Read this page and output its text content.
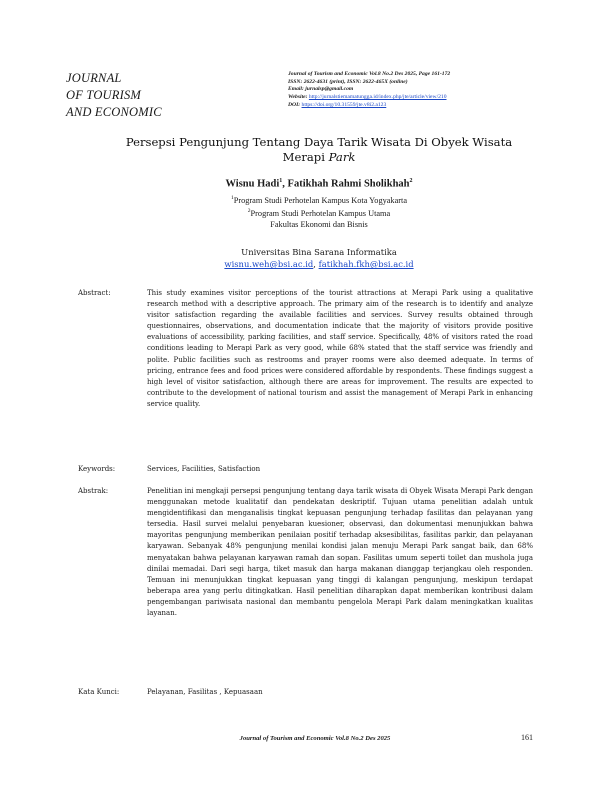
JOURNAL
OF TOURISM
AND ECONOMIC
Journal of Tourism and Economic Vol.8 No.2 Des 2025, Page 161-172
ISSN: 2622-4631 (print), ISSN: 2622-465X (online)
Email: jurnalsp@gmail.com
Website: http://jurnalstiemamatungga.id/index.php/jte/article/view/210
DOI: https://doi.org/10.31559/jte.v8i2.a123
Persepsi Pengunjung Tentang Daya Tarik Wisata Di Obyek Wisata
Merapi Park
Wisnu Hadi$^1$, Fatikhah Rahmi Sholikhah$^2$
$^1$Program Studi Perhotelan Kampus Kota Yogyakarta
$^2$Program Studi Perhotelan Kampus Utama
Fakultas Ekonomi dan Bisnis
Universitas Bina Sarana Informatika
wisnu.weh@bsi.ac.id, fatikhah.fkh@bsi.ac.id
Abstract:	This study examines visitor perceptions of the tourist attractions at Merapi Park using a qualitative research method with a descriptive approach. The primary aim of the research is to identify and analyze visitor satisfaction regarding the available facilities and services. Survey results obtained through questionnaires, observations, and documentation indicate that the majority of visitors provide positive evaluations of accessibility, parking facilities, and staff service. Specifically, 48% of visitors rated the road conditions leading to Merapi Park as very good, while 68% stated that the staff service was friendly and polite. Public facilities such as restrooms and prayer rooms were also deemed adequate. In terms of pricing, entrance fees and food prices were considered affordable by respondents. These findings suggest a high level of visitor satisfaction, although there are areas for improvement. The results are expected to contribute to the development of national tourism and assist the management of Merapi Park in enhancing service quality.
Keywords:	Services, Facilities, Satisfaction
Abstrak:	Penelitian ini mengkaji persepsi pengunjung tentang daya tarik wisata di Obyek Wisata Merapi Park dengan menggunakan metode kualitatif dan pendekatan deskriptif. Tujuan utama penelitian adalah untuk mengidentifikasi dan menganalisis tingkat kepuasan pengunjung terhadap fasilitas dan pelayanan yang tersedia. Hasil survei melalui penyebaran kuesioner, observasi, dan dokumentasi menunjukkan bahwa mayoritas pengunjung memberikan penilaian positif terhadap aksesibilitas, fasilitas parkir, dan pelayanan karyawan. Sebanyak 48% pengunjung menilai kondisi jalan menuju Merapi Park sangat baik, dan 68% menyatakan bahwa pelayanan karyawan ramah dan sopan. Fasilitas umum seperti toilet dan mushola juga dinilai memadai. Dari segi harga, tiket masuk dan harga makanan dianggap terjangkau oleh responden. Temuan ini menunjukkan tingkat kepuasan yang tinggi di kalangan pengunjung, meskipun terdapat beberapa area yang perlu ditingkatkan. Hasil penelitian diharapkan dapat memberikan kontribusi dalam pengembangan pariwisata nasional dan membantu pengelola Merapi Park dalam meningkatkan kualitas layanan.
Kata Kunci:	Pelayanan, Fasilitas , Kepuasaan
Journal of Tourism and Economic Vol.8 No.2 Des 2025	161
